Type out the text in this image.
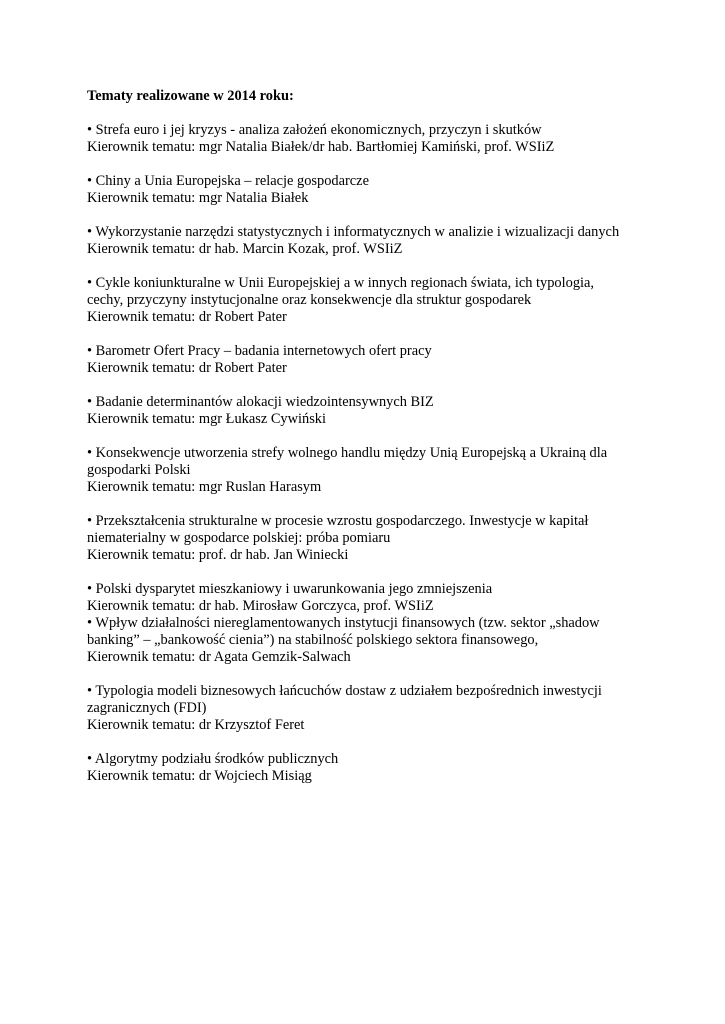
Tematy realizowane w 2014 roku:
• Strefa euro i jej kryzys - analiza założeń ekonomicznych, przyczyn i skutków
Kierownik tematu: mgr Natalia Białek/dr hab. Bartłomiej Kamiński, prof. WSIiZ
• Chiny a Unia Europejska – relacje gospodarcze
Kierownik tematu: mgr Natalia Białek
• Wykorzystanie narzędzi statystycznych i informatycznych w analizie i wizualizacji danych
Kierownik tematu: dr hab. Marcin Kozak, prof. WSIiZ
• Cykle koniunkturalne w Unii Europejskiej a w innych regionach świata, ich typologia,
cechy, przyczyny instytucjonalne oraz konsekwencje dla struktur gospodarek
Kierownik tematu: dr Robert Pater
• Barometr Ofert Pracy – badania internetowych ofert pracy
Kierownik tematu: dr Robert Pater
• Badanie determinantów alokacji wiedzointensywnych BIZ
Kierownik tematu: mgr Łukasz Cywiński
• Konsekwencje utworzenia strefy wolnego handlu między Unią Europejską a Ukrainą dla
gospodarki Polski
Kierownik tematu: mgr Ruslan Harasym
• Przekształcenia strukturalne w procesie wzrostu gospodarczego. Inwestycje w kapitał
niematerialny w gospodarce polskiej: próba pomiaru
Kierownik tematu: prof. dr hab. Jan Winiecki
• Polski dysparytet mieszkaniowy i uwarunkowania jego zmniejszenia
Kierownik tematu: dr hab. Mirosław Gorczyca, prof. WSIiZ
• Wpływ działalności niereglamentowanych instytucji finansowych (tzw. sektor „shadow
banking” – „bankowość cienia”) na stabilność polskiego sektora finansowego,
Kierownik tematu: dr Agata Gemzik-Salwach
• Typologia modeli biznesowych łańcuchów dostaw z udziałem bezpośrednich inwestycji
zagranicznych (FDI)
Kierownik tematu: dr Krzysztof Feret
• Algorytmy podziału środków publicznych
Kierownik tematu: dr Wojciech Misiąg
